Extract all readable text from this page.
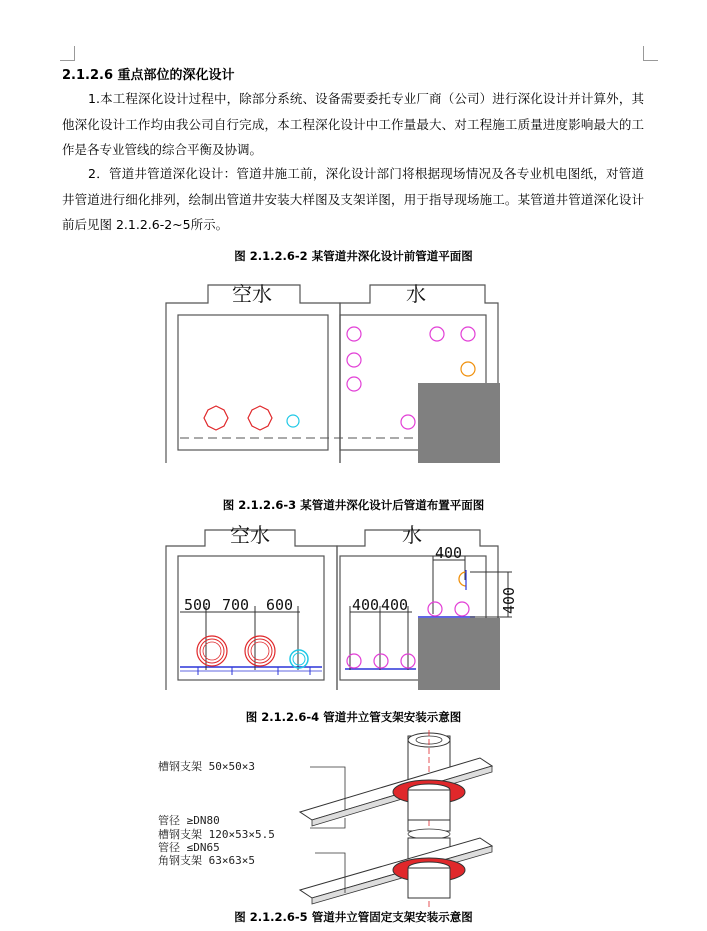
2.1.2.6 重点部位的深化设计
1.本工程深化设计过程中，除部分系统、设备需要委托专业厂商（公司）进行深化设计并计算外，其他深化设计工作均由我公司自行完成，本工程深化设计中工作量最大、对工程施工质量进度影响最大的工作是各专业管线的综合平衡及协调。
2．管道井管道深化设计：管道井施工前，深化设计部门将根据现场情况及各专业机电图纸，对管道井管道进行细化排列，绘制出管道井安装大样图及支架详图，用于指导现场施工。某管道井管道深化设计前后见图 2.1.2.6-2~5所示。
图 2.1.2.6-2 某管道井深化设计前管道平面图
空水	水
图 2.1.2.6-3 某管道井深化设计后管道布置平面图
空水	水
500 700 600	400 400
400
400
图 2.1.2.6-4 管道井立管支架安装示意图
槽钢支架 50×50×3
管径 ≥DN80
槽钢支架 120×53×5.5
管径 ≤DN65
角钢支架 63×63×5
图 2.1.2.6-5 管道井立管固定支架安装示意图
